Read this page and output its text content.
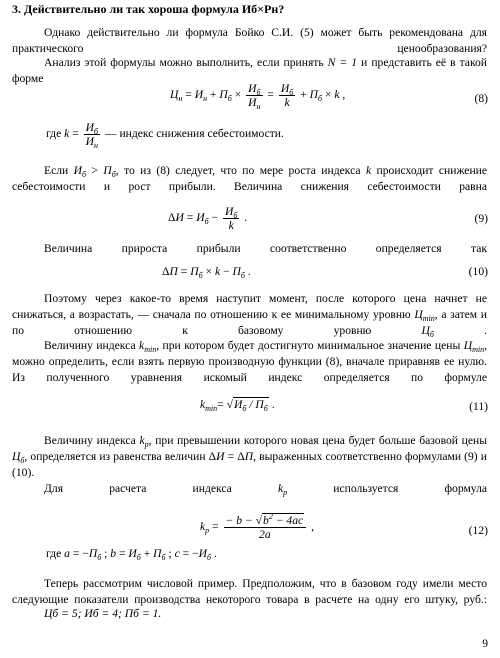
3. Действительно ли так хороша формула Иб×Рн?
Однако действительно ли формула Бойко С.И. (5) может быть рекомендована для практического ценообразования?
Анализ этой формулы можно выполнить, если принять N = 1 и представить её в такой форме
$Ц_н = И_н + П_б \times И_б$
$И_н$
= $И_б$
k
+ $П_б \times k$ ,	(8)
где $k = И_б$
$И_н$
— индекс снижения себестоимости.
Если $И_б > П_б$, то из (8) следует, что по мере роста индекса k происходит снижение себестоимости и рост прибыли. Величина снижения себестоимости равна
$\Delta И = И_б - И_б$
k
.	(9)
Величина прироста прибыли соответственно определяется так
$\Delta П = П_б \times k - П_б$ .	(10)
Поэтому через какое-то время наступит момент, после которого цена начнет не снижаться, а возрастать, — сначала по отношению к ее минимальному уровню $Ц_{min}$, а затем и по отношению к базовому уровню	$Ц_б$ .
Величину индекса $k_{min}$, при котором будет достигнуто минимальное значение цены $Ц_{min}$, можно определить, если взять первую производную функции (8), вначале приравняв ее нулю. Из полученного уравнения искомый индекс определяется по формуле
$k_{min}= √И_б / П_б$ .	(11)
Величину индекса $k_p$, при превышении которого новая цена будет больше базовой цены $Ц_б$, определяется из равенства величин ΔИ = ΔП, выраженных соответственно формулами (9) и (10).
Для расчета индекса	$k_p$	используется формула
$k_p = \frac{- b - √b^2 - 4ac}{2a}$ ,	(12)
где $a = -П_б$ ; $b = И_б + П_б$ ; $c = -И_б$ .
Теперь рассмотрим числовой пример. Предположим, что в базовом году имели место следующие показатели производства некоторого товара в расчете на одну его штуку, руб.:
Цб = 5; Иб = 4; Пб = 1.
9
